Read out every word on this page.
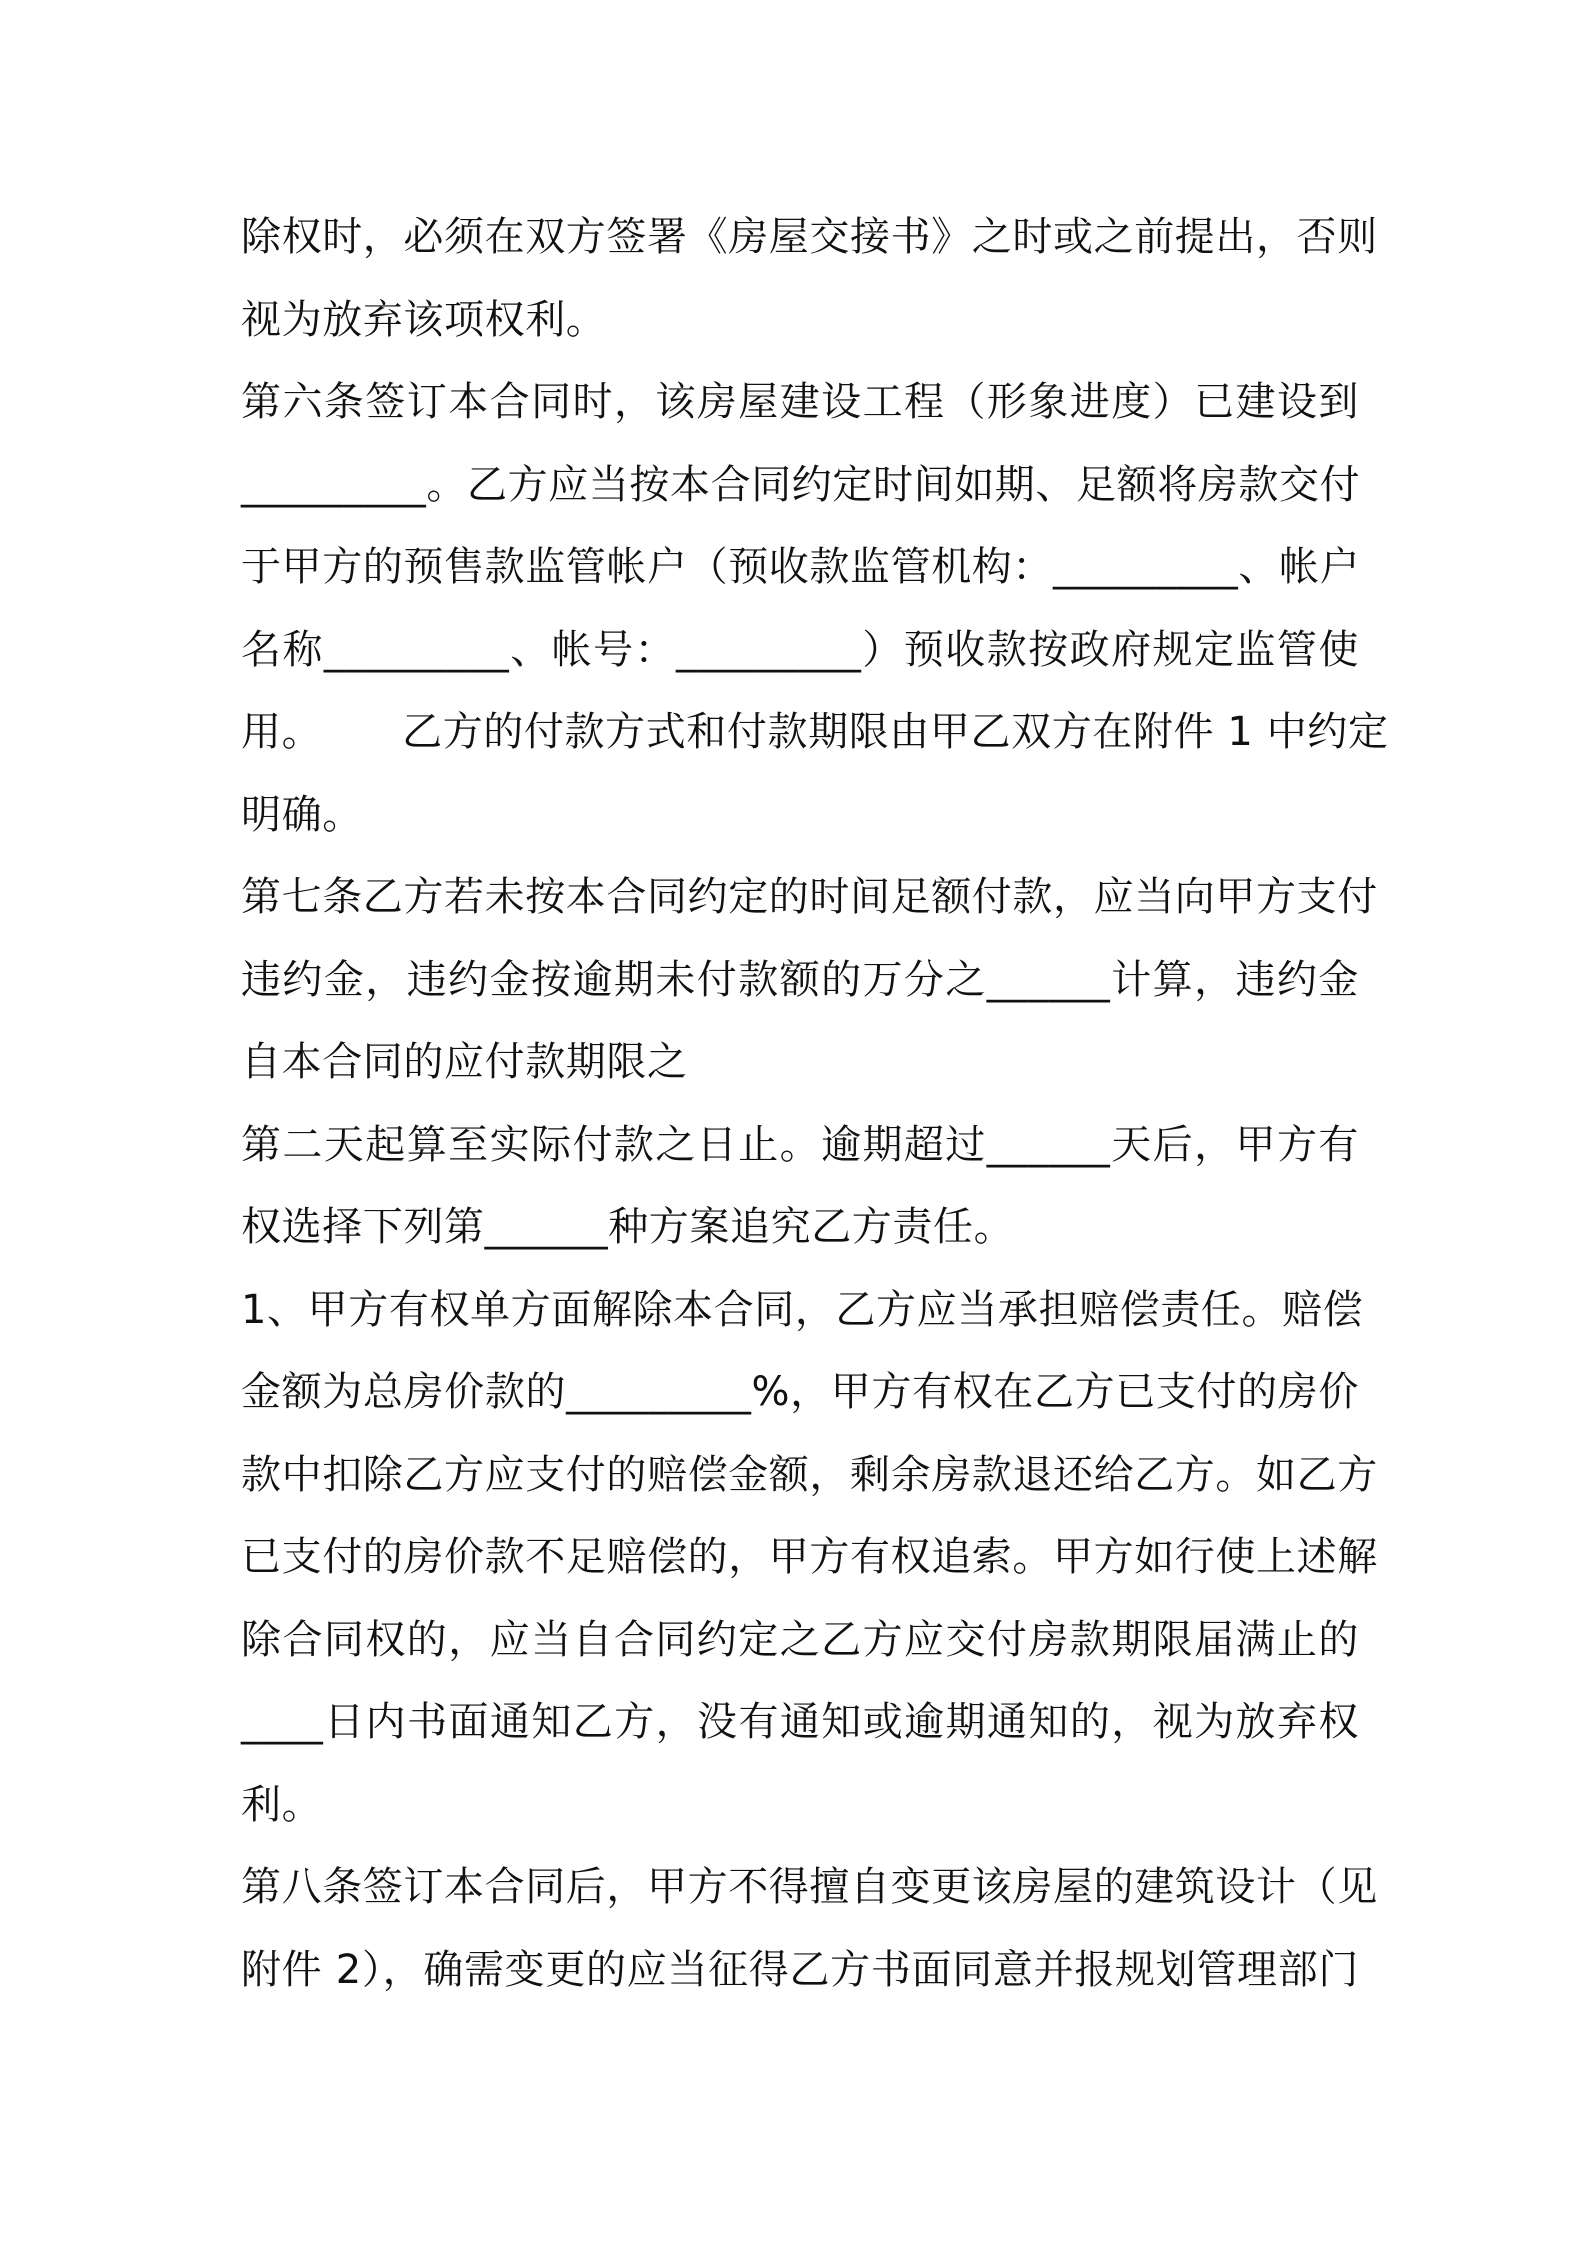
除权时，必须在双方签署《房屋交接书》之时或之前提出，否则
视为放弃该项权利。
第六条签订本合同时，该房屋建设工程（形象进度）已建设到
_________。乙方应当按本合同约定时间如期、足额将房款交付
于甲方的预售款监管帐户（预收款监管机构：_________、帐户
名称_________、帐号：_________）预收款按政府规定监管使
用。      乙方的付款方式和付款期限由甲乙双方在附件 1 中约定
明确。
第七条乙方若未按本合同约定的时间足额付款，应当向甲方支付
违约金，违约金按逾期未付款额的万分之______计算，违约金
自本合同的应付款期限之
第二天起算至实际付款之日止。逾期超过______天后，甲方有
权选择下列第______种方案追究乙方责任。
1、甲方有权单方面解除本合同，乙方应当承担赔偿责任。赔偿
金额为总房价款的_________%，甲方有权在乙方已支付的房价
款中扣除乙方应支付的赔偿金额，剩余房款退还给乙方。如乙方
已支付的房价款不足赔偿的，甲方有权追索。甲方如行使上述解
除合同权的，应当自合同约定之乙方应交付房款期限届满止的
____日内书面通知乙方，没有通知或逾期通知的，视为放弃权
利。
第八条签订本合同后，甲方不得擅自变更该房屋的建筑设计（见
附件 2），确需变更的应当征得乙方书面同意并报规划管理部门
